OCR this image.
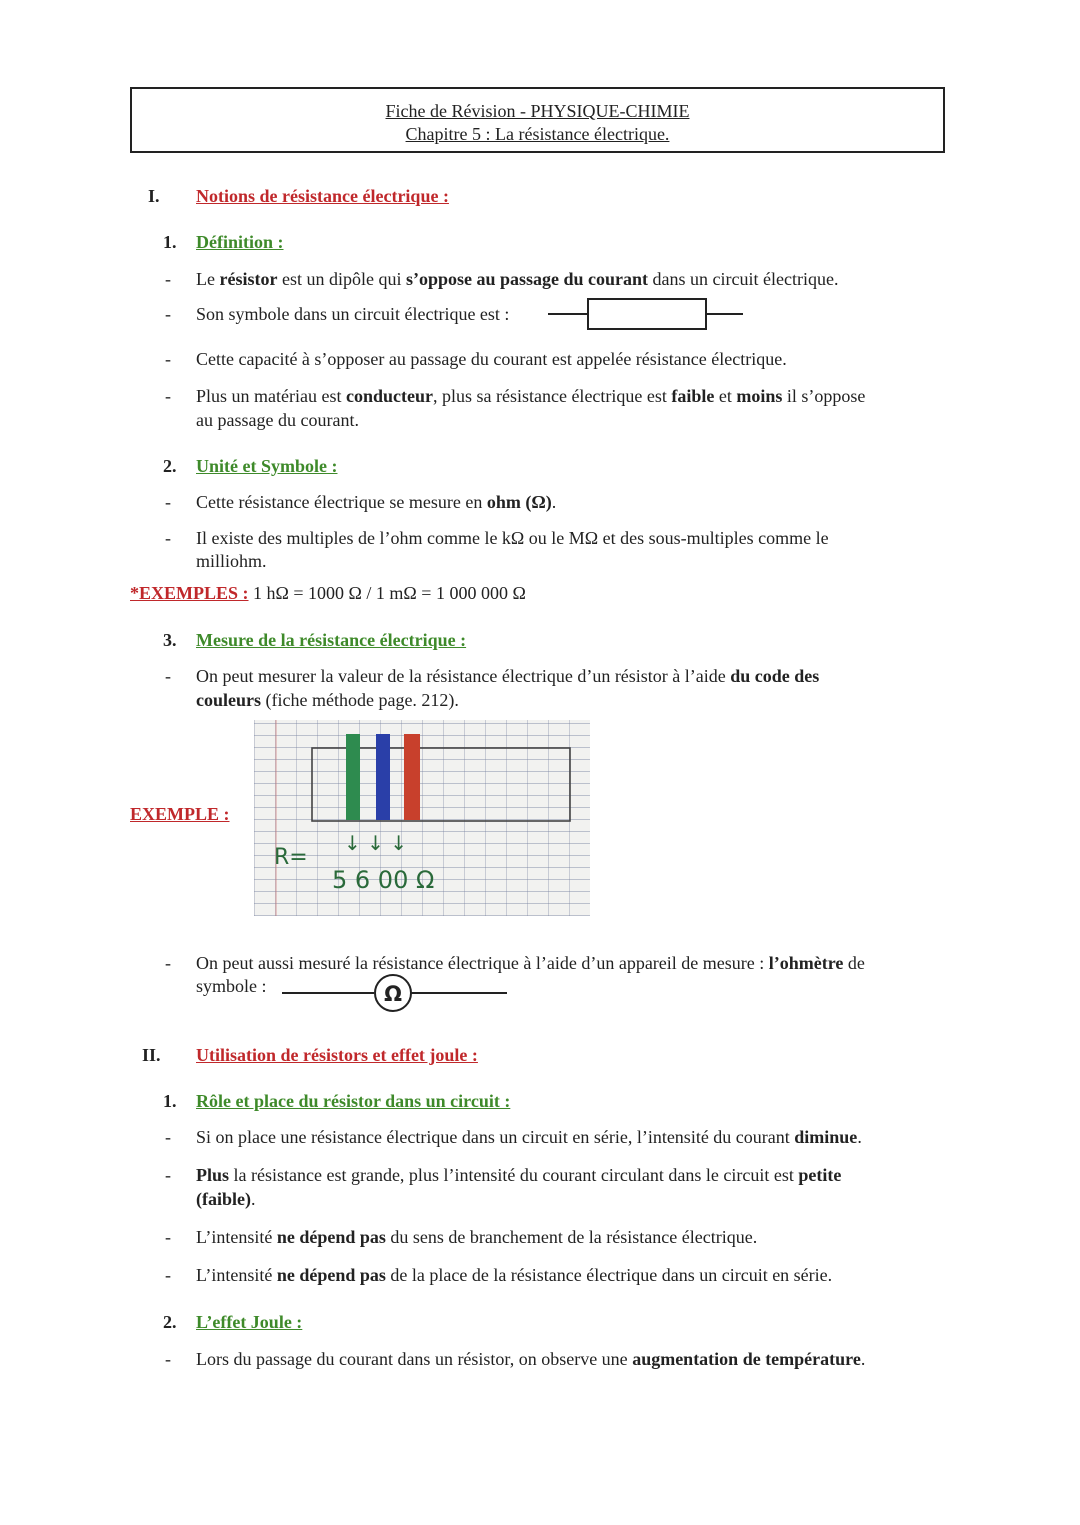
Fiche de Révision - PHYSIQUE-CHIMIE
Chapitre 5 : La résistance électrique.
I. Notions de résistance électrique :
1. Définition :
- Le résistor est un dipôle qui s’oppose au passage du courant dans un circuit électrique.
- Son symbole dans un circuit électrique est :
- Cette capacité à s’opposer au passage du courant est appelée résistance électrique.
- Plus un matériau est conducteur, plus sa résistance électrique est faible et moins il s’oppose
au passage du courant.
2. Unité et Symbole :
- Cette résistance électrique se mesure en ohm (Ω).
- Il existe des multiples de l’ohm comme le kΩ ou le MΩ et des sous-multiples comme le
milliohm.
*EXEMPLES : 1 hΩ = 1000 Ω / 1 mΩ = 1 000 000 Ω
3. Mesure de la résistance électrique :
- On peut mesurer la valeur de la résistance électrique d’un résistor à l’aide du code des
couleurs (fiche méthode page. 212).
EXEMPLE :
R=
↓ ↓ ↓
5 6 00 Ω
- On peut aussi mesuré la résistance électrique à l’aide d’un appareil de mesure : l’ohmètre de
symbole :	Ω
II. Utilisation de résistors et effet joule :
1. Rôle et place du résistor dans un circuit :
- Si on place une résistance électrique dans un circuit en série, l’intensité du courant diminue.
- Plus la résistance est grande, plus l’intensité du courant circulant dans le circuit est petite
(faible).
- L’intensité ne dépend pas du sens de branchement de la résistance électrique.
- L’intensité ne dépend pas de la place de la résistance électrique dans un circuit en série.
2. L’effet Joule :
- Lors du passage du courant dans un résistor, on observe une augmentation de température.
